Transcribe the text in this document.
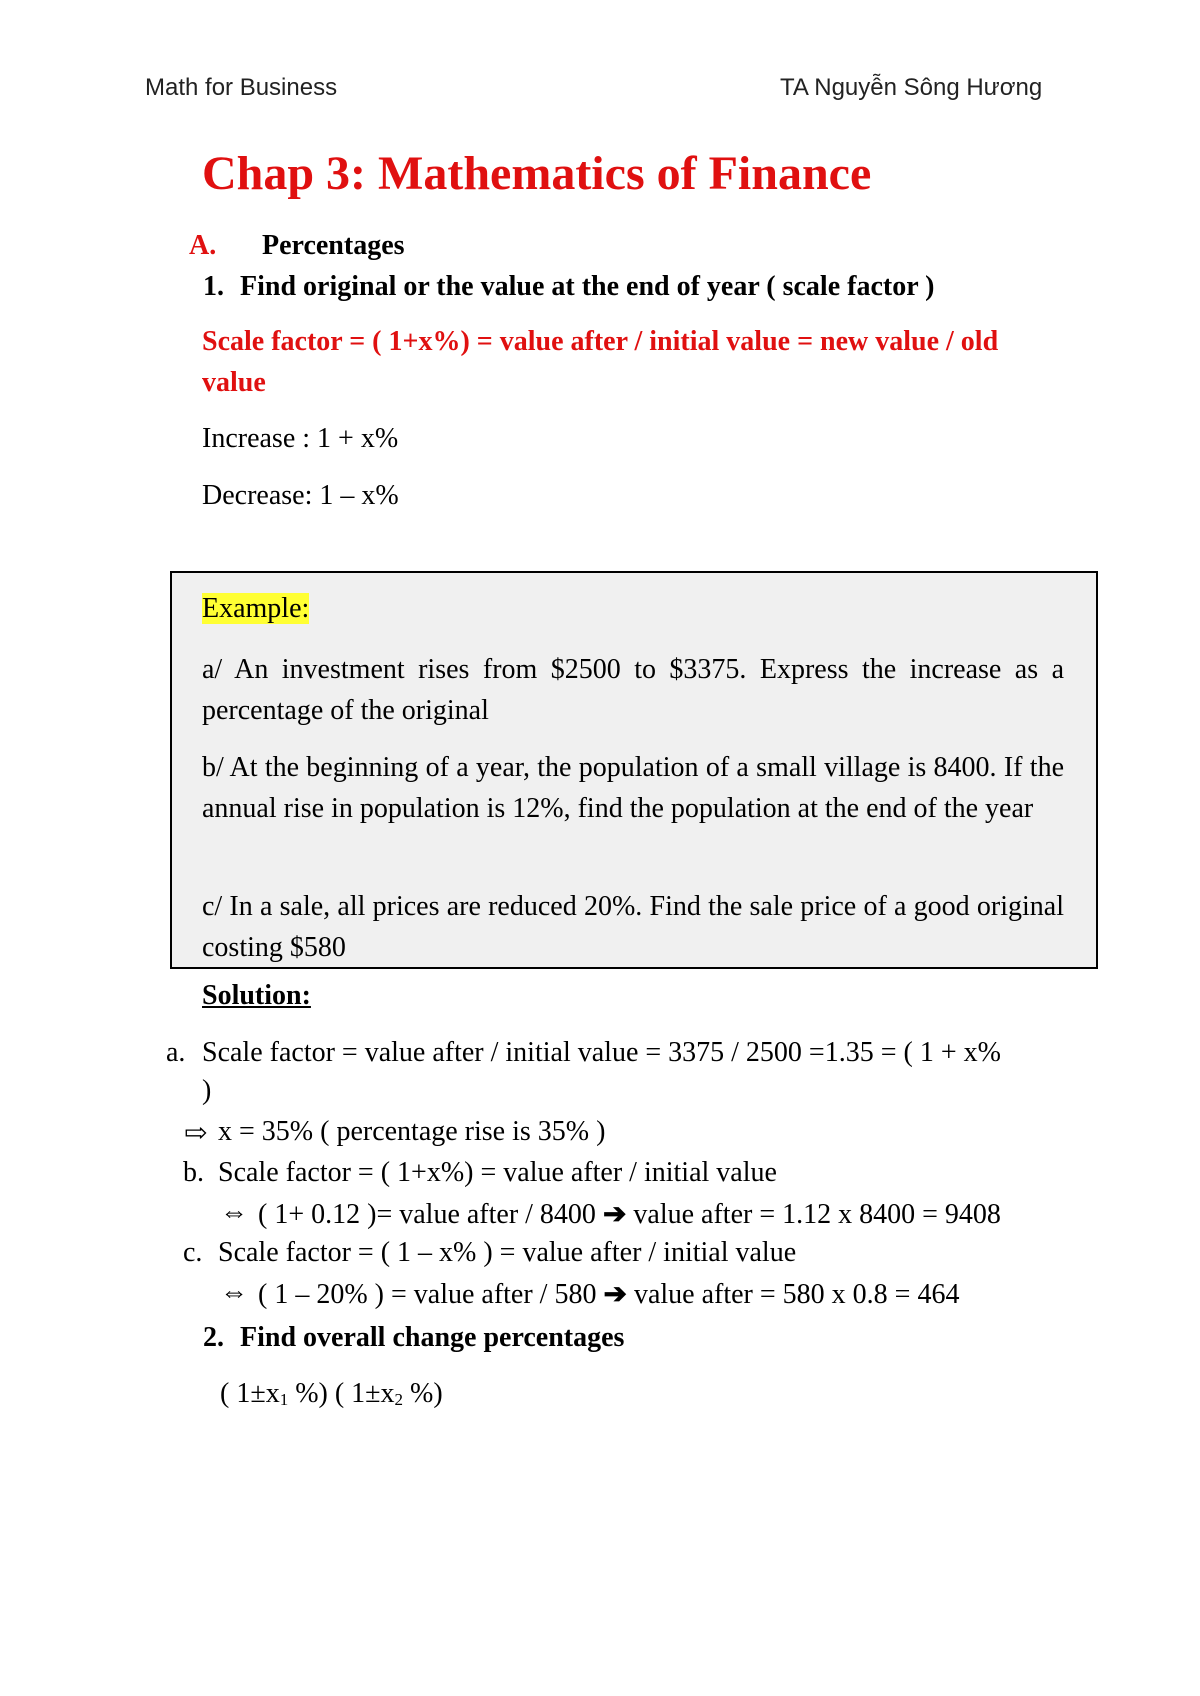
Math for Business	TA Nguyễn Sông Hương
Chap 3: Mathematics of Finance
A. Percentages
1. Find original or the value at the end of year ( scale factor )
Scale factor = ( 1+x%) = value after / initial value = new value / old
value
Increase : 1 + x%
Decrease: 1 – x%
Example:
a/ An investment rises from $2500 to $3375. Express the increase as a percentage of the original
b/ At the beginning of a year, the population of a small village is 8400. If the annual rise in population is 12%, find the population at the end of the year
c/ In a sale, all prices are reduced 20%. Find the sale price of a good original costing $580
Solution:
a. Scale factor = value after / initial value = 3375 / 2500 =1.35 = ( 1 + x%
)
⇨ x = 35% ( percentage rise is 35% )
b. Scale factor = ( 1+x%) = value after / initial value
⇔ ( 1+ 0.12 )= value after / 8400 ➔ value after = 1.12 x 8400 = 9408
c. Scale factor = ( 1 – x% ) = value after / initial value
⇔ ( 1 – 20% ) = value after / 580 ➔ value after = 580 x 0.8 = 464
2. Find overall change percentages
( $1\pm x_1$ %) ( $1\pm x_2$ %)
